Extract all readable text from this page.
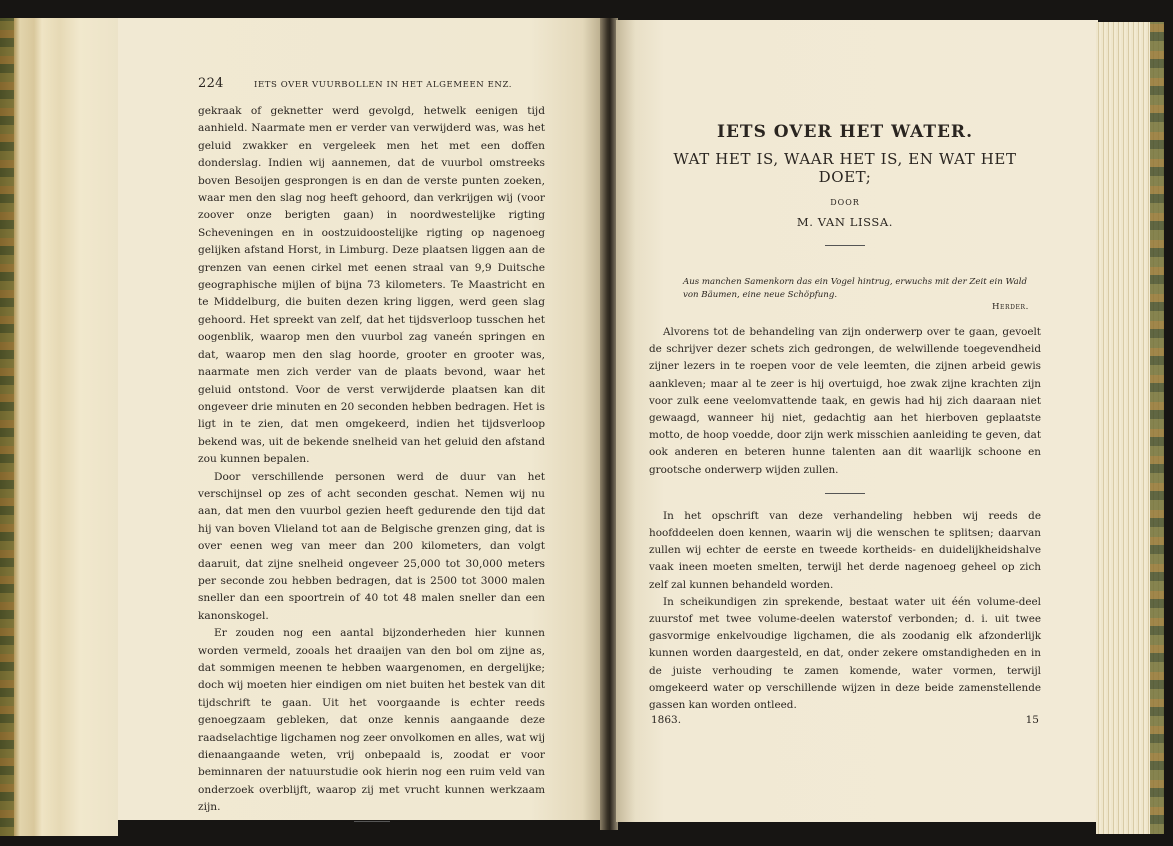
224	IETS OVER VUURBOLLEN IN HET ALGEMEEN ENZ.

gekraak of geknetter werd gevolgd, hetwelk eenigen tijd aanhield. Naarmate men er verder van verwijderd was, was het geluid zwakker en vergeleek men het met een doffen donderslag. Indien wij aannemen, dat de vuurbol omstreeks boven Besoijen gesprongen is en dan de verste punten zoeken, waar men den slag nog heeft gehoord, dan verkrijgen wij (voor zoover onze berigten gaan) in noordwestelijke rigting Scheveningen en in oostzuidoostelijke rigting op nagenoeg gelijken afstand Horst, in Limburg. Deze plaatsen liggen aan de grenzen van eenen cirkel met eenen straal van 9,9 Duitsche geographische mijlen of bijna 73 kilometers. Te Maastricht en te Middelburg, die buiten dezen kring liggen, werd geen slag gehoord. Het spreekt van zelf, dat het tijdsverloop tusschen het oogenblik, waarop men den vuurbol zag vaneén springen en dat, waarop men den slag hoorde, grooter en grooter was, naarmate men zich verder van de plaats bevond, waar het geluid ontstond. Voor de verst verwijderde plaatsen kan dit ongeveer drie minuten en 20 seconden hebben bedragen. Het is ligt in te zien, dat men omgekeerd, indien het tijdsverloop bekend was, uit de bekende snelheid van het geluid den afstand zou kunnen bepalen.

Door verschillende personen werd de duur van het verschijnsel op zes of acht seconden geschat. Nemen wij nu aan, dat men den vuurbol gezien heeft gedurende den tijd dat hij van boven Vlieland tot aan de Belgische grenzen ging, dat is over eenen weg van meer dan 200 kilometers, dan volgt daaruit, dat zijne snelheid ongeveer 25,000 tot 30,000 meters per seconde zou hebben bedragen, dat is 2500 tot 3000 malen sneller dan een spoortrein of 40 tot 48 malen sneller dan een kanonskogel.

Er zouden nog een aantal bijzonderheden hier kunnen worden vermeld, zooals het draaijen van den bol om zijne as, dat sommigen meenen te hebben waargenomen, en dergelijke; doch wij moeten hier eindigen om niet buiten het bestek van dit tijdschrift te gaan. Uit het voorgaande is echter reeds genoegzaam gebleken, dat onze kennis aangaande deze raadselachtige ligchamen nog zeer onvolkomen en alles, wat wij dienaangaande weten, vrij onbepaald is, zoodat er voor beminnaren der natuurstudie ook hierin nog een ruim veld van onderzoek overblijft, waarop zij met vrucht kunnen werkzaam zijn.

IETS OVER HET WATER.

WAT HET IS, WAAR HET IS, EN WAT HET DOET;

DOOR

M. VAN LISSA.

Aus manchen Samenkorn das ein Vogel hintrug, erwuchs mit der Zeit ein Wald von Bäumen, eine neue Schöpfung.

Herder.

Alvorens tot de behandeling van zijn onderwerp over te gaan, gevoelt de schrijver dezer schets zich gedrongen, de welwillende toegevendheid zijner lezers in te roepen voor de vele leemten, die zijnen arbeid gewis aankleven; maar al te zeer is hij overtuigd, hoe zwak zijne krachten zijn voor zulk eene veelomvattende taak, en gewis had hij zich daaraan niet gewaagd, wanneer hij niet, gedachtig aan het hierboven geplaatste motto, de hoop voedde, door zijn werk misschien aanleiding te geven, dat ook anderen en beteren hunne talenten aan dit waarlijk schoone en grootsche onderwerp wijden zullen.

In het opschrift van deze verhandeling hebben wij reeds de hoofddeelen doen kennen, waarin wij die wenschen te splitsen; daarvan zullen wij echter de eerste en tweede kortheids- en duidelijkheidshalve vaak ineen moeten smelten, terwijl het derde nagenoeg geheel op zich zelf zal kunnen behandeld worden.

In scheikundigen zin sprekende, bestaat water uit één volume-deel zuurstof met twee volume-deelen waterstof verbonden; d. i. uit twee gasvormige enkelvoudige ligchamen, die als zoodanig elk afzonderlijk kunnen worden daargesteld, en dat, onder zekere omstandigheden en in de juiste verhouding te zamen komende, water vormen, terwijl omgekeerd water op verschillende wijzen in deze beide zamenstellende gassen kan worden ontleed.

1863.	15
